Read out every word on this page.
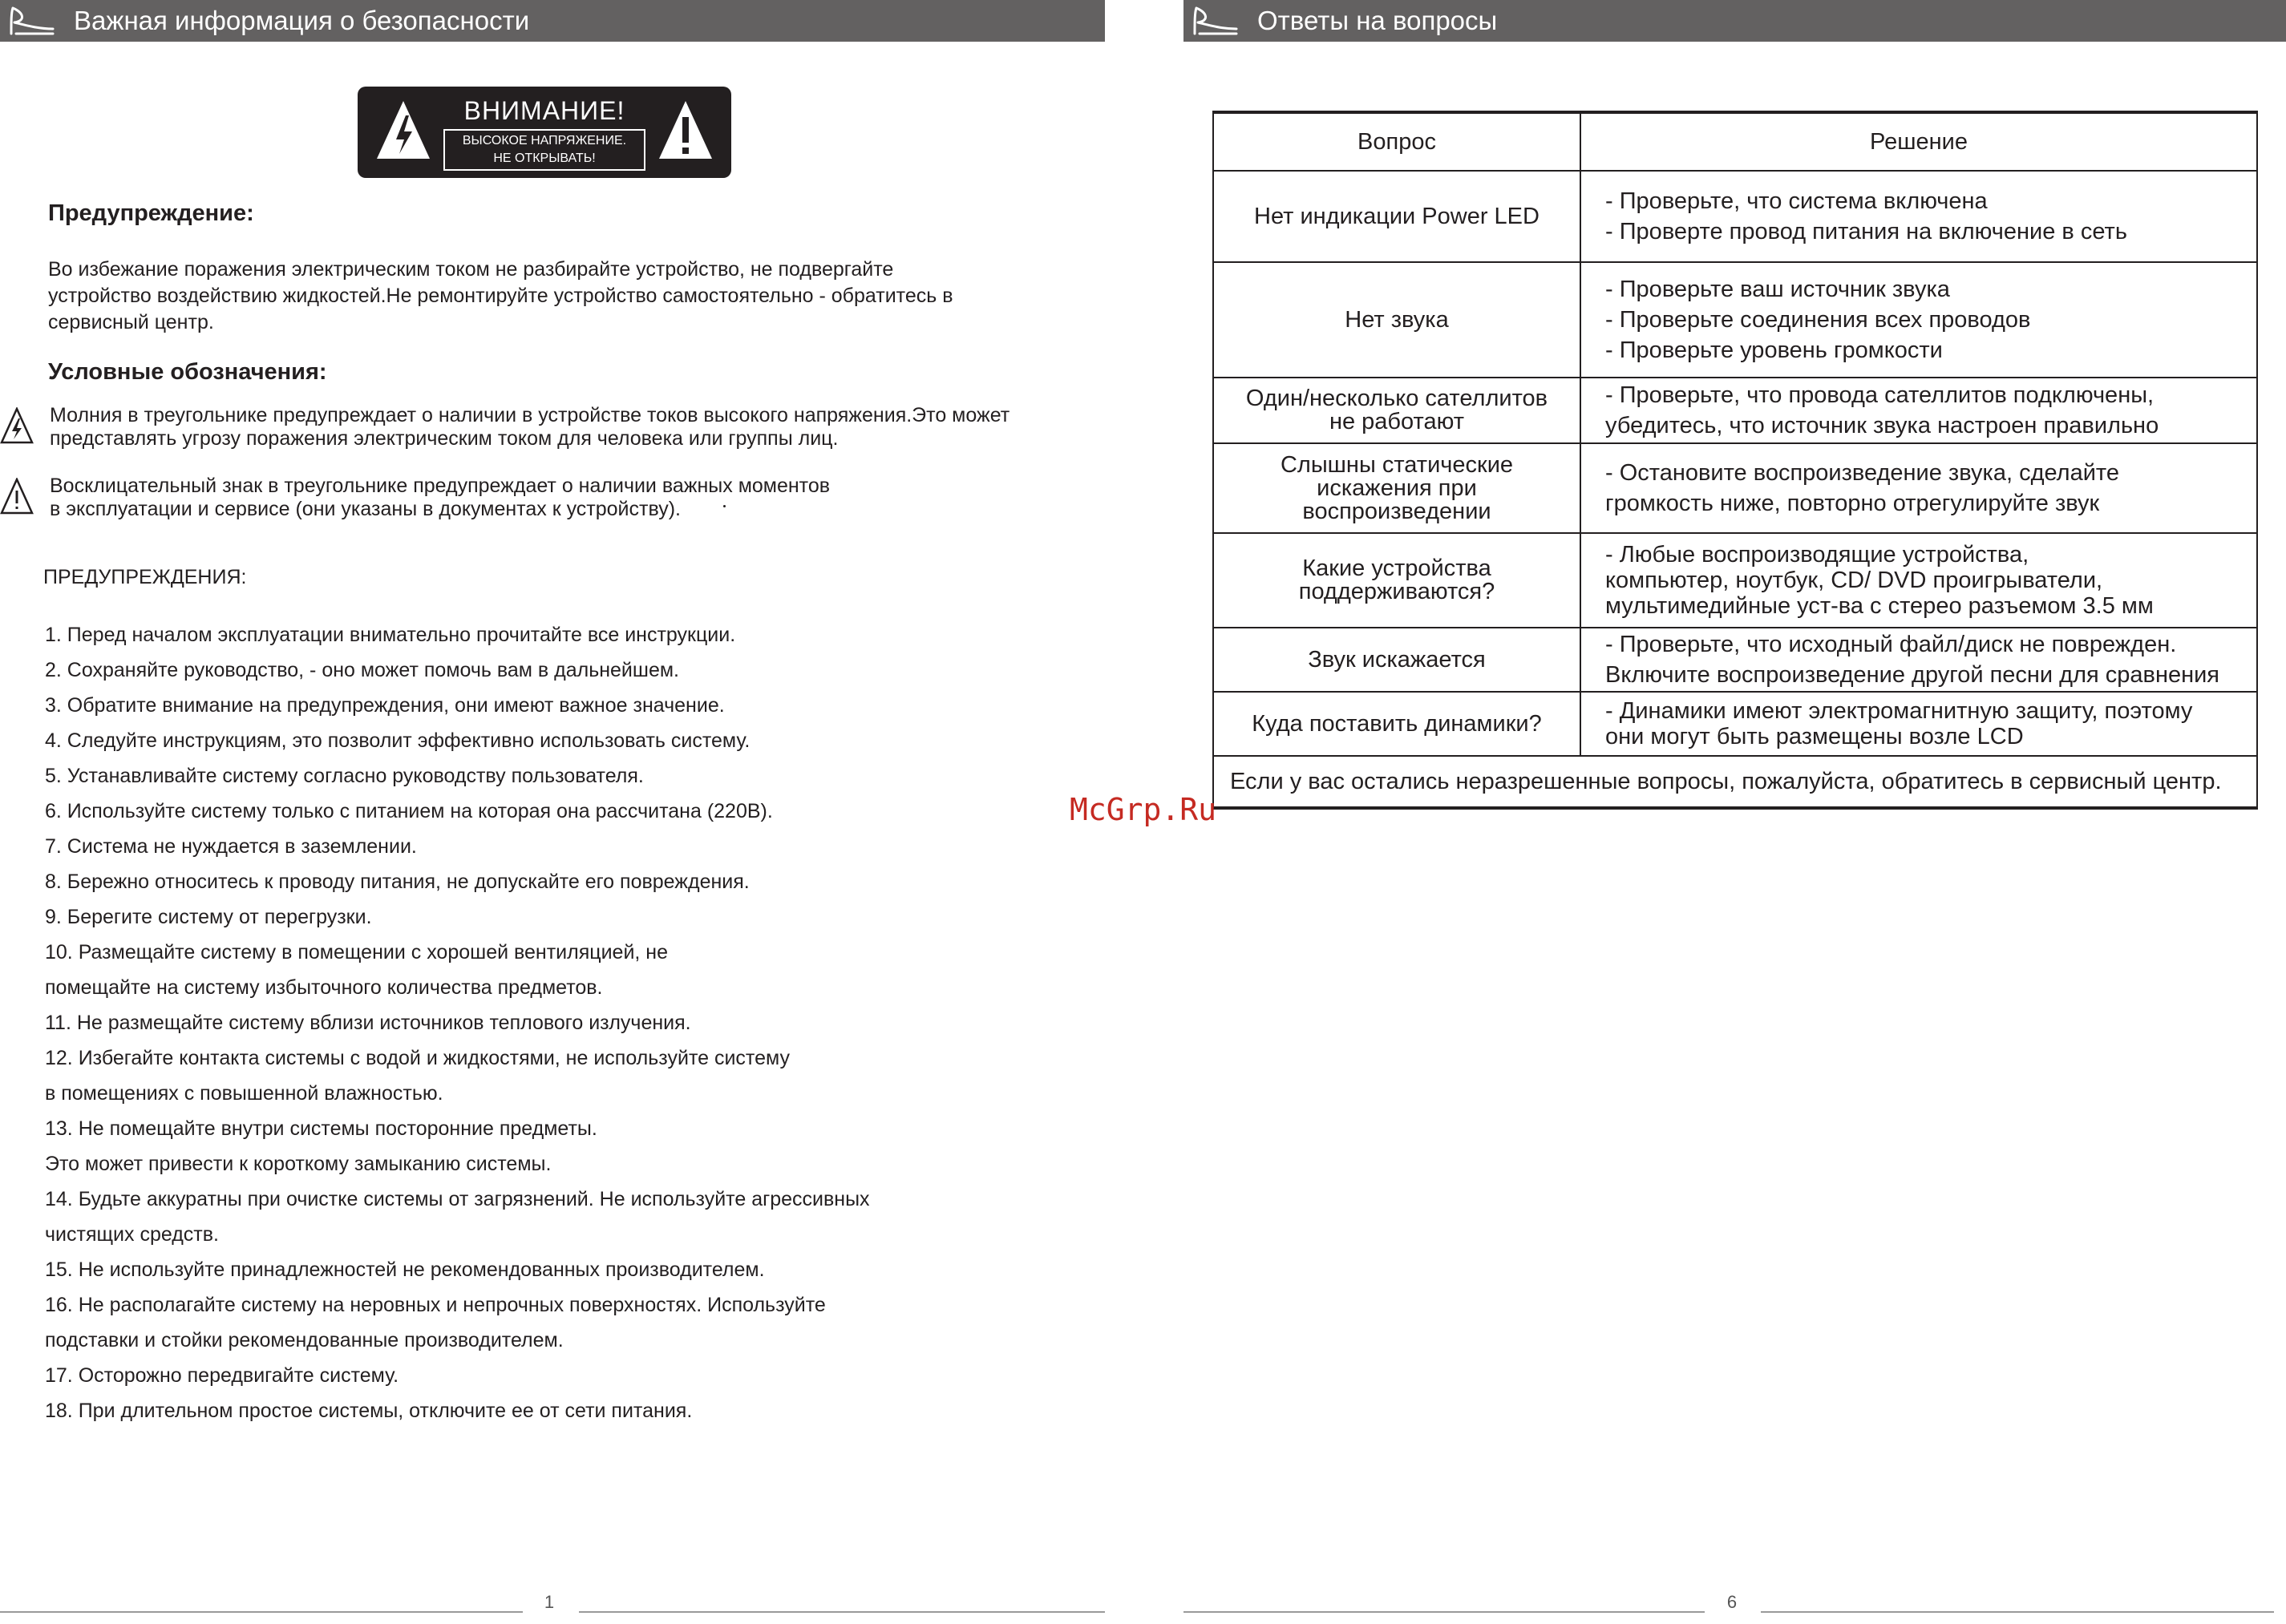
Важная информация о безопасности
ВНИМАНИЕ!
ВЫСОКОЕ НАПРЯЖЕНИЕ.
НЕ ОТКРЫВАТЬ!
Предупреждение:
Во избежание поражения электрическим током не разбирайте устройство, не подвергайте
устройство воздействию жидкостей.Не ремонтируйте устройство самостоятельно - обратитесь в
сервисный центр.
Условные обозначения:
Молния в треугольнике предупреждает о наличии в устройстве токов высокого напряжения.Это может
представлять угрозу поражения электрическим током для человека или группы лиц.
Восклицательный знак в треугольнике предупреждает о наличии важных моментов
в эксплуатации и сервисе (они указаны в документах к устройству).
ПРЕДУПРЕЖДЕНИЯ:
1. Перед началом эксплуатации внимательно прочитайте все инструкции.
2. Сохраняйте руководство, - оно может помочь вам в дальнейшем.
3. Обратите внимание на предупреждения, они имеют важное значение.
4. Следуйте инструкциям, это позволит эффективно использовать систему.
5. Устанавливайте систему согласно руководству пользователя.
6. Используйте систему только с питанием на которая она рассчитана (220В).
7. Система не нуждается в заземлении.
8. Бережно относитесь к проводу питания, не допускайте его повреждения.
9. Берегите систему от перегрузки.
10. Размещайте систему в помещении с хорошей вентиляцией, не
помещайте на систему избыточного количества предметов.
11. Не размещайте систему вблизи источников теплового излучения.
12. Избегайте контакта системы с водой и жидкостями, не используйте систему
в помещениях с повышенной влажностью.
13. Не помещайте внутри системы посторонние предметы.
Это может привести к короткому замыканию системы.
14. Будьте аккуратны при очистке системы от загрязнений. Не используйте агрессивных
чистящих средств.
15. Не используйте принадлежностей не рекомендованных производителем.
16. Не располагайте систему на неровных и непрочных поверхностях. Используйте
подставки и стойки рекомендованные производителем.
17. Осторожно передвигайте систему.
18. При длительном простое системы, отключите ее от сети питания.
1
Ответы на вопросы
Вопрос	Решение
Нет индикации Power LED
- Проверьте, что система включена
- Проверте провод питания на включение в сеть
Нет звука
- Проверьте ваш источник звука
- Проверьте соединения всех проводов
- Проверьте уровень громкости
Один/несколько сателлитов
не работают
- Проверьте, что провода сателлитов подключены,
убедитесь, что источник звука настроен правильно
Слышны статические
искажения при
воспроизведении
- Остановите воспроизведение звука, сделайте
громкость ниже, повторно отрегулируйте звук
Какие устройства
поддерживаются?
- Любые воспроизводящие устройства,
компьютер, ноутбук, CD/ DVD проигрыватели,
мультимедийные уст-ва с стерео разъемом 3.5 мм
Звук искажается
- Проверьте, что исходный файл/диск не поврежден.
Включите воспроизведение другой песни для сравнения
Куда поставить динамики?	- Динамики имеют электромагнитную защиту, поэтому
они могут быть размещены возле LCD
Если у вас остались неразрешенные вопросы, пожалуйста, обратитесь в сервисный центр.
6
McGrp.Ru
